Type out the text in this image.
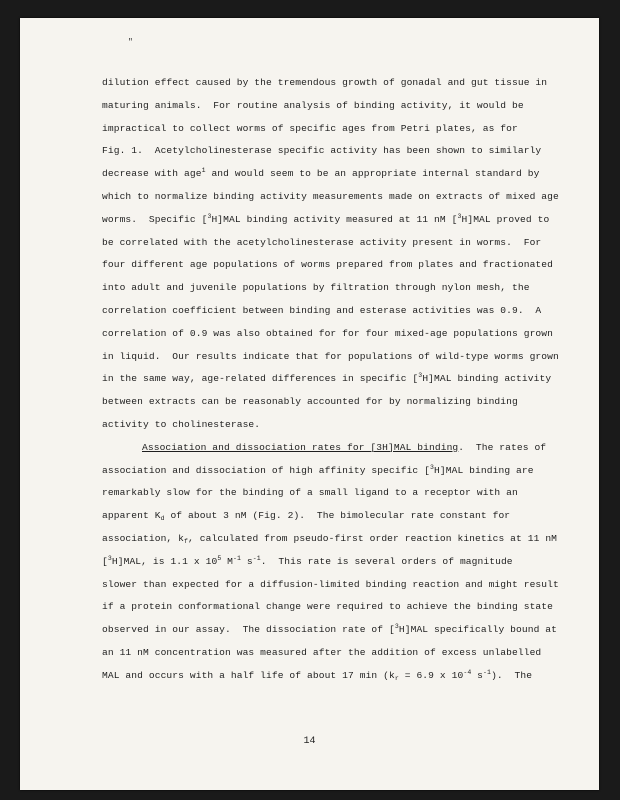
"
dilution effect caused by the tremendous growth of gonadal and gut tissue in
maturing animals.  For routine analysis of binding activity, it would be
impractical to collect worms of specific ages from Petri plates, as for
Fig. 1.  Acetylcholinesterase specific activity has been shown to similarly
decrease with age$^1$ and would seem to be an appropriate internal standard by
which to normalize binding activity measurements made on extracts of mixed age
worms.  Specific [$^3$H]MAL binding activity measured at 11 nM [$^3$H]MAL proved to
be correlated with the acetylcholinesterase activity present in worms.  For
four different age populations of worms prepared from plates and fractionated
into adult and juvenile populations by filtration through nylon mesh, the
correlation coefficient between binding and esterase activities was 0.9.  A
correlation of 0.9 was also obtained for for four mixed-age populations grown
in liquid.  Our results indicate that for populations of wild-type worms grown
in the same way, age-related differences in specific [$^3$H]MAL binding activity
between extracts can be reasonably accounted for by normalizing binding
activity to cholinesterase.
Association and dissociation rates for [3H]MAL binding.  The rates of
association and dissociation of high affinity specific [$^3$H]MAL binding are
remarkably slow for the binding of a small ligand to a receptor with an
apparent $K_d$ of about 3 nM (Fig. 2).  The bimolecular rate constant for
association, $k_f$, calculated from pseudo-first order reaction kinetics at 11 nM
[$^3$H]MAL, is 1.1 x $10^5$ $M^{-1}$ $s^{-1}$.  This rate is several orders of magnitude
slower than expected for a diffusion-limited binding reaction and might result
if a protein conformational change were required to achieve the binding state
observed in our assay.  The dissociation rate of [$^3$H]MAL specifically bound at
an 11 nM concentration was measured after the addition of excess unlabelled
MAL and occurs with a half life of about 17 $\min (k_r = 6.9$ x $10^{-4}$ $s^{-1}$).  The
14
